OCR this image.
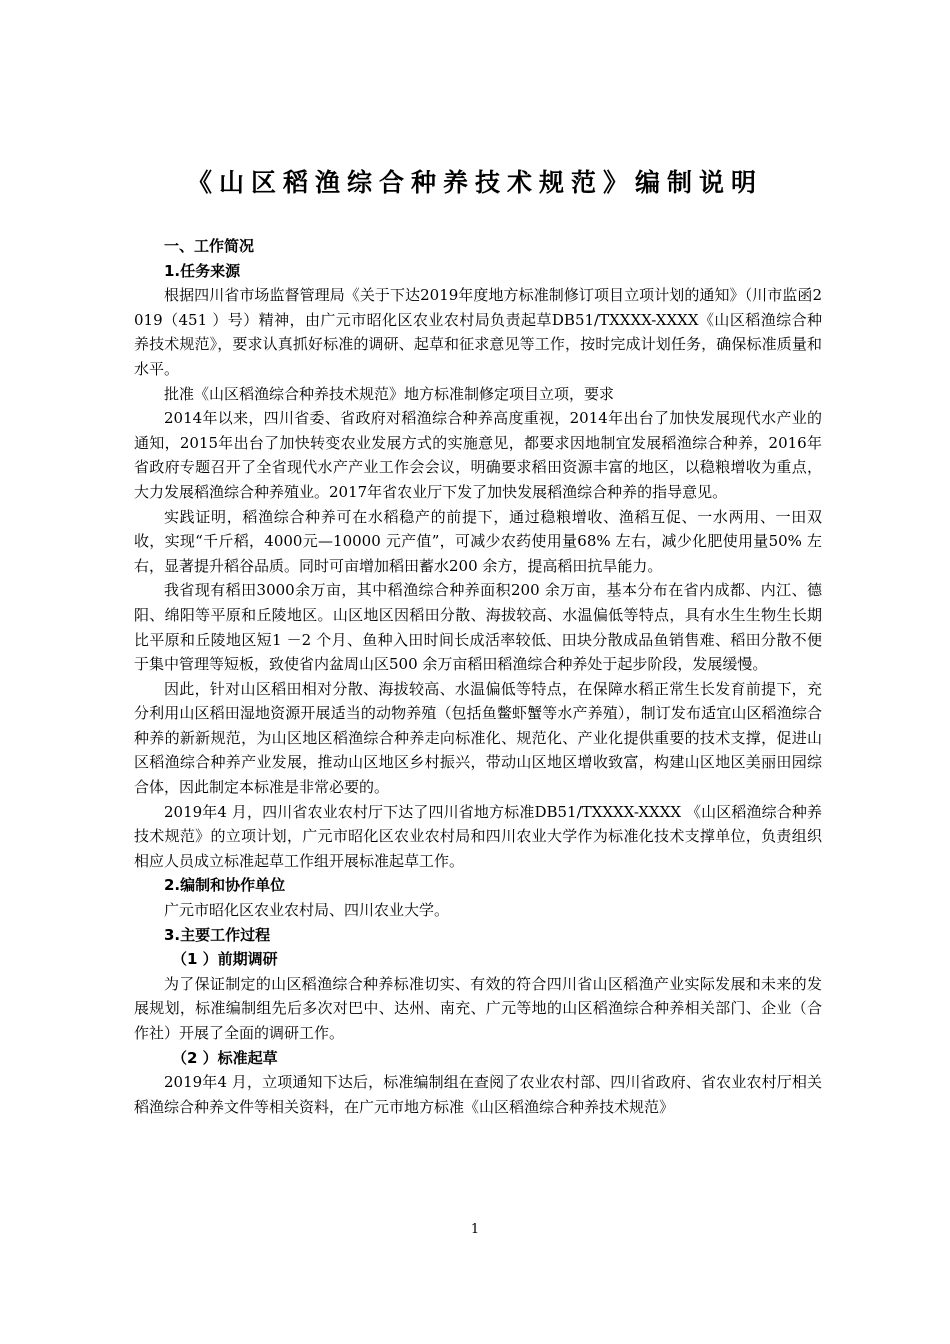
《山区稻渔综合种养技术规范》编制说明

一、工作简况

1.任务来源

根据四川省市场监督管理局《关于下达2019年度地方标准制修订项目立项计划的通知》（川市监函2019（451 ）号）精神，由广元市昭化区农业农村局负责起草DB51/TXXXX-XXXX《山区稻渔综合种养技术规范》，要求认真抓好标准的调研、起草和征求意见等工作，按时完成计划任务，确保标准质量和水平。

批准《山区稻渔综合种养技术规范》地方标准制修定项目立项，要求

2014年以来，四川省委、省政府对稻渔综合种养高度重视，2014年出台了加快发展现代水产业的通知，2015年出台了加快转变农业发展方式的实施意见，都要求因地制宜发展稻渔综合种养，2016年省政府专题召开了全省现代水产产业工作会会议，明确要求稻田资源丰富的地区，以稳粮增收为重点，大力发展稻渔综合种养殖业。2017年省农业厅下发了加快发展稻渔综合种养的指导意见。

实践证明，稻渔综合种养可在水稻稳产的前提下，通过稳粮增收、渔稻互促、一水两用、一田双收，实现“千斤稻，4000元—10000 元产值”，可减少农药使用量68% 左右，减少化肥使用量50% 左右，显著提升稻谷品质。同时可亩增加稻田蓄水200 余方，提高稻田抗旱能力。

我省现有稻田3000余万亩，其中稻渔综合种养面积200 余万亩，基本分布在省内成都、内江、德阳、绵阳等平原和丘陵地区。山区地区因稻田分散、海拔较高、水温偏低等特点，具有水生生物生长期比平原和丘陵地区短1 －2 个月、鱼种入田时间长成活率较低、田块分散成品鱼销售难、稻田分散不便于集中管理等短板，致使省内盆周山区500 余万亩稻田稻渔综合种养处于起步阶段，发展缓慢。

因此，针对山区稻田相对分散、海拔较高、水温偏低等特点，在保障水稻正常生长发育前提下，充分利用山区稻田湿地资源开展适当的动物养殖（包括鱼鳖虾蟹等水产养殖），制订发布适宜山区稻渔综合种养的新新规范，为山区地区稻渔综合种养走向标准化、规范化、产业化提供重要的技术支撑，促进山区稻渔综合种养产业发展，推动山区地区乡村振兴，带动山区地区增收致富，构建山区地区美丽田园综合体，因此制定本标准是非常必要的。

2019年4 月，四川省农业农村厅下达了四川省地方标准DB51/TXXXX-XXXX 《山区稻渔综合种养技术规范》的立项计划，广元市昭化区农业农村局和四川农业大学作为标准化技术支撑单位，负责组织相应人员成立标准起草工作组开展标准起草工作。

2.编制和协作单位

广元市昭化区农业农村局、四川农业大学。

3.主要工作过程

（1 ）前期调研

为了保证制定的山区稻渔综合种养标准切实、有效的符合四川省山区稻渔产业实际发展和未来的发展规划，标准编制组先后多次对巴中、达州、南充、广元等地的山区稻渔综合种养相关部门、企业（合作社）开展了全面的调研工作。

（2 ）标准起草

2019年4 月，立项通知下达后，标准编制组在查阅了农业农村部、四川省政府、省农业农村厅相关稻渔综合种养文件等相关资料，在广元市地方标准《山区稻渔综合种养技术规范》

1
